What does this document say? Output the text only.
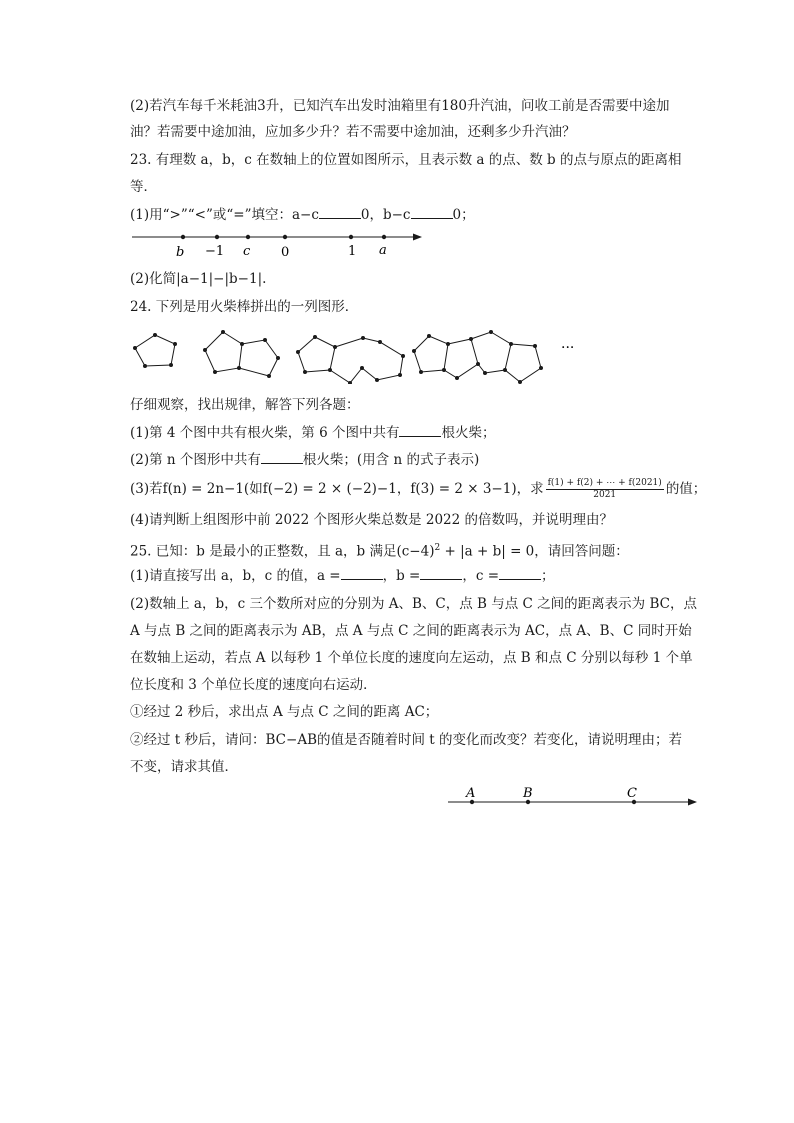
(2)若汽车每千米耗油3升，已知汽车出发时油箱里有180升汽油，问收工前是否需要中途加
油？若需要中途加油，应加多少升？若不需要中途加油，还剩多少升汽油？
23. 有理数 a，b，c 在数轴上的位置如图所示，且表示数 a 的点、数 b 的点与原点的距离相
等．
(1)用“>”“<”或“=”填空：a−c	0，b−c	0；
b −1 c 0	1 a
(2)化简|a−1|−|b−1|.
24. 下列是用火柴棒拼出的一列图形．
···
仔细观察，找出规律，解答下列各题：
(1)第 4 个图中共有根火柴，第 6 个图中共有	根火柴；
(2)第 n 个图形中共有	根火柴；(用含 n 的式子表示)
(3)若f(n) = 2n−1(如f(−2) = 2 × (−2)−1，f(3) = 2 × 3−1)，求 $\frac{f(1) + f(2) + \cdots + f(2021)}{2021}$ 的值；
(4)请判断上组图形中前 2022 个图形火柴总数是 2022 的倍数吗，并说明理由？
25. 已知：b 是最小的正整数，且 a，b 满足$(c-4)^2 + |a + b| = 0$，请回答问题：
(1)请直接写出 a，b，c 的值，a =	，b =	，c =	；
(2)数轴上 a，b，c 三个数所对应的分别为 A、B、C，点 B 与点 C 之间的距离表示为 BC，点
A 与点 B 之间的距离表示为 AB，点 A 与点 C 之间的距离表示为 AC，点 A、B、C 同时开始
在数轴上运动，若点 A 以每秒 1 个单位长度的速度向左运动，点 B 和点 C 分别以每秒 1 个单
位长度和 3 个单位长度的速度向右运动．
①经过 2 秒后，求出点 A 与点 C 之间的距离 AC；
②经过 t 秒后，请问：BC−AB的值是否随着时间 t 的变化而改变？若变化，请说明理由；若
不变，请求其值．
A	B	C
